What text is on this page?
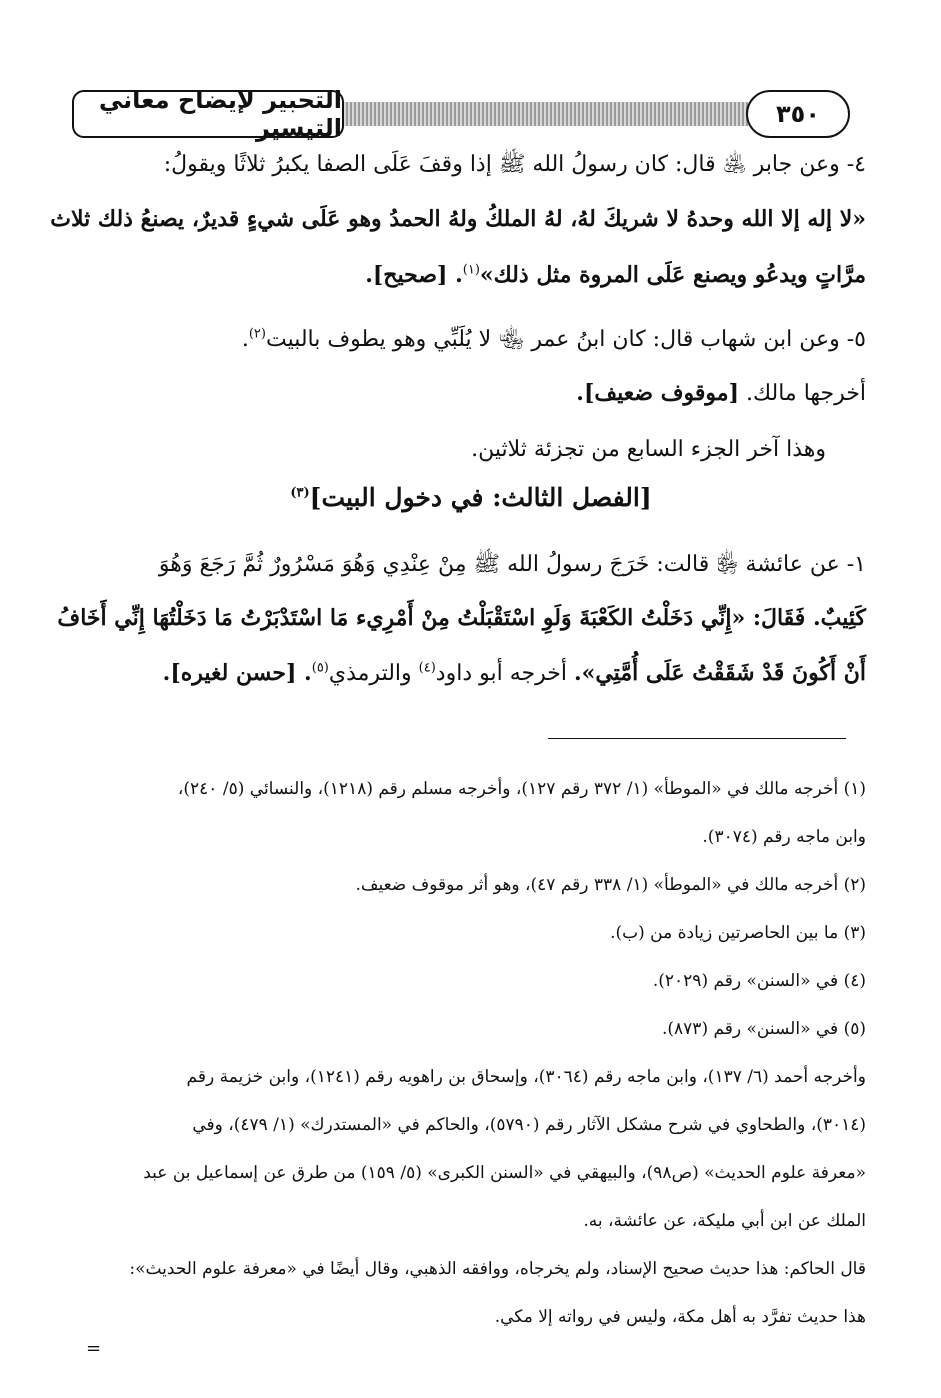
التحبير لإيضاح معاني التيسير	٣٥٠
٤- وعن جابر ﵁ قال: كان رسولُ الله ﷺ إذا وقفَ عَلَى الصفا يكبرُ ثلاثًا ويقولُ:
«لا إله إلا الله وحدهُ لا شريكَ لهُ، لهُ الملكُ ولهُ الحمدُ وهو عَلَى شيءٍ قديرٌ، يصنعُ ذلك ثلاث
مرَّاتٍ ويدعُو ويصنع عَلَى المروة مثل ذلك»$^{(١)}$. [صحيح].
٥- وعن ابن شهاب قال: كان ابنُ عمر ﵄ لا يُلَبِّي وهو يطوف بالبيت$^{(٢)}$.
أخرجها مالك. [موقوف ضعيف].
وهذا آخر الجزء السابع من تجزئة ثلاثين.
[الفصل الثالث: في دخول البيت]$^{(٣)}$
١- عن عائشة ﵂ قالت: خَرَجَ رسولُ الله ﷺ مِنْ عِنْدِي وَهُوَ مَسْرُورٌ ثُمَّ رَجَعَ وَهُوَ
كَئِيبٌ. فَقَالَ: «إِنِّي دَخَلْتُ الكَعْبَةَ وَلَوِ اسْتَقْبَلْتُ مِنْ أَمْرِيء مَا اسْتَدْبَرْتُ مَا دَخَلْتُهَا إِنِّي أَخَافُ
أَنْ أَكُونَ قَدْ شَقَقْتُ عَلَى أُمَّتِي». أخرجه أبو داود$^{(٤)}$ والترمذي$^{(٥)}$. [حسن لغيره].
(١) أخرجه مالك في «الموطأ» (١/ ٣٧٢ رقم ١٢٧)، وأخرجه مسلم رقم (١٢١٨)، والنسائي (٥/ ٢٤٠)،
وابن ماجه رقم (٣٠٧٤).
(٢) أخرجه مالك في «الموطأ» (١/ ٣٣٨ رقم ٤٧)، وهو أثر موقوف ضعيف.
(٣) ما بين الحاصرتين زيادة من (ب).
(٤) في «السنن» رقم (٢٠٢٩).
(٥) في «السنن» رقم (٨٧٣).
وأخرجه أحمد (٦/ ١٣٧)، وابن ماجه رقم (٣٠٦٤)، وإسحاق بن راهويه رقم (١٢٤١)، وابن خزيمة رقم
(٣٠١٤)، والطحاوي في شرح مشكل الآثار رقم (٥٧٩٠)، والحاكم في «المستدرك» (١/ ٤٧٩)، وفي
«معرفة علوم الحديث» (ص٩٨)، والبيهقي في «السنن الكبرى» (٥/ ١٥٩) من طرق عن إسماعيل بن عبد
الملك عن ابن أبي مليكة، عن عائشة، به.
قال الحاكم: هذا حديث صحيح الإسناد، ولم يخرجاه، ووافقه الذهبي، وقال أيضًا في «معرفة علوم الحديث»:
هذا حديث تفرَّد به أهل مكة، وليس في رواته إلا مكي.
=
